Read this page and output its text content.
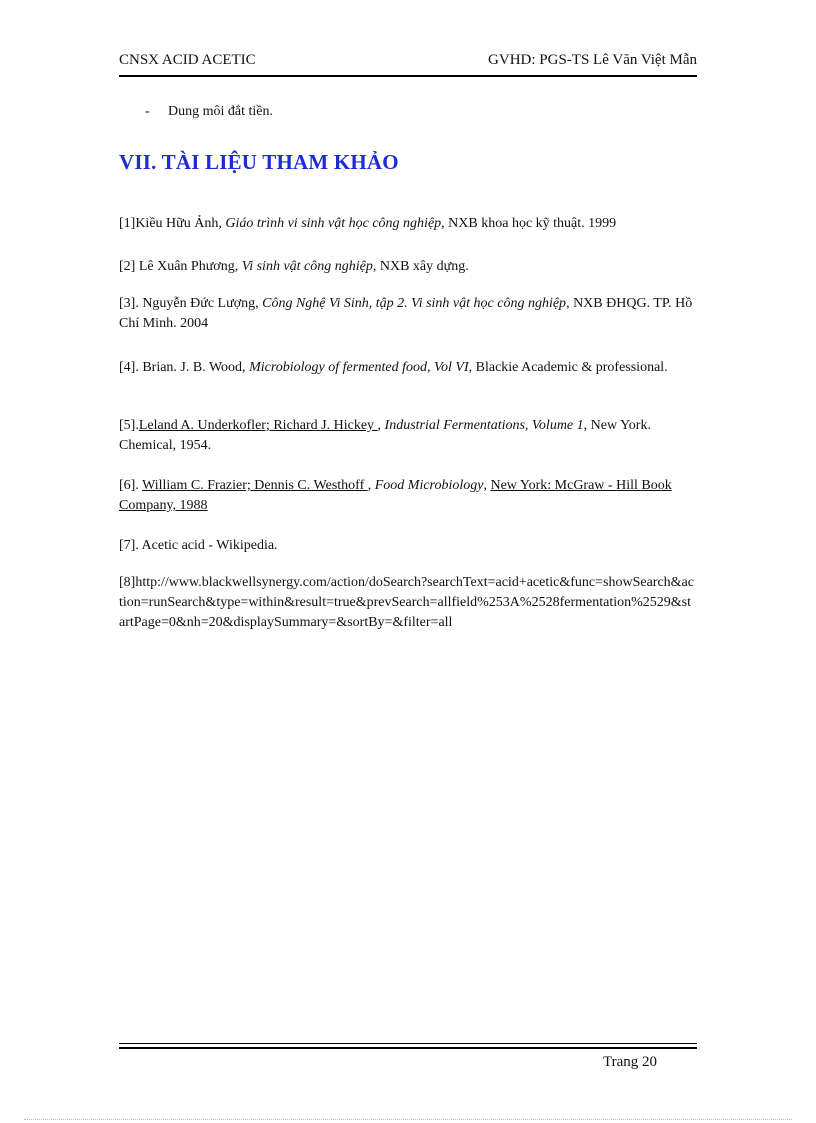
CNSX ACID ACETIC	GVHD: PGS-TS Lê Văn Việt Mẫn
- Dung môi đắt tiền.
VII. TÀI LIỆU THAM KHẢO

[1]Kiều Hữu Ảnh, Giáo trình vi sinh vật học công nghiệp, NXB khoa học kỹ thuật. 1999

[2] Lê Xuân Phương, Vi sinh vật công nghiệp, NXB xây dựng.

[3]. Nguyễn Đức Lượng, Công Nghệ Vi Sinh, tập 2. Vi sinh vật học công nghiệp, NXB ĐHQG. TP. Hồ Chí Minh. 2004

[4]. Brian. J. B. Wood, Microbiology of fermented food, Vol VI, Blackie Academic & professional.

[5].Leland A. Underkofler; Richard J. Hickey , Industrial Fermentations, Volume 1, New York. Chemical, 1954.

[6]. William C. Frazier; Dennis C. Westhoff , Food Microbiology, New York: McGraw - Hill Book Company, 1988

[7]. Acetic acid - Wikipedia.

[8]http://www.blackwellsynergy.com/action/doSearch?searchText=acid+acetic&func=showSearch&action=runSearch&type=within&result=true&prevSearch=allfield%253A%2528fermentation%2529&startPage=0&nh=20&displaySummary=&sortBy=&filter=all

Trang 20
